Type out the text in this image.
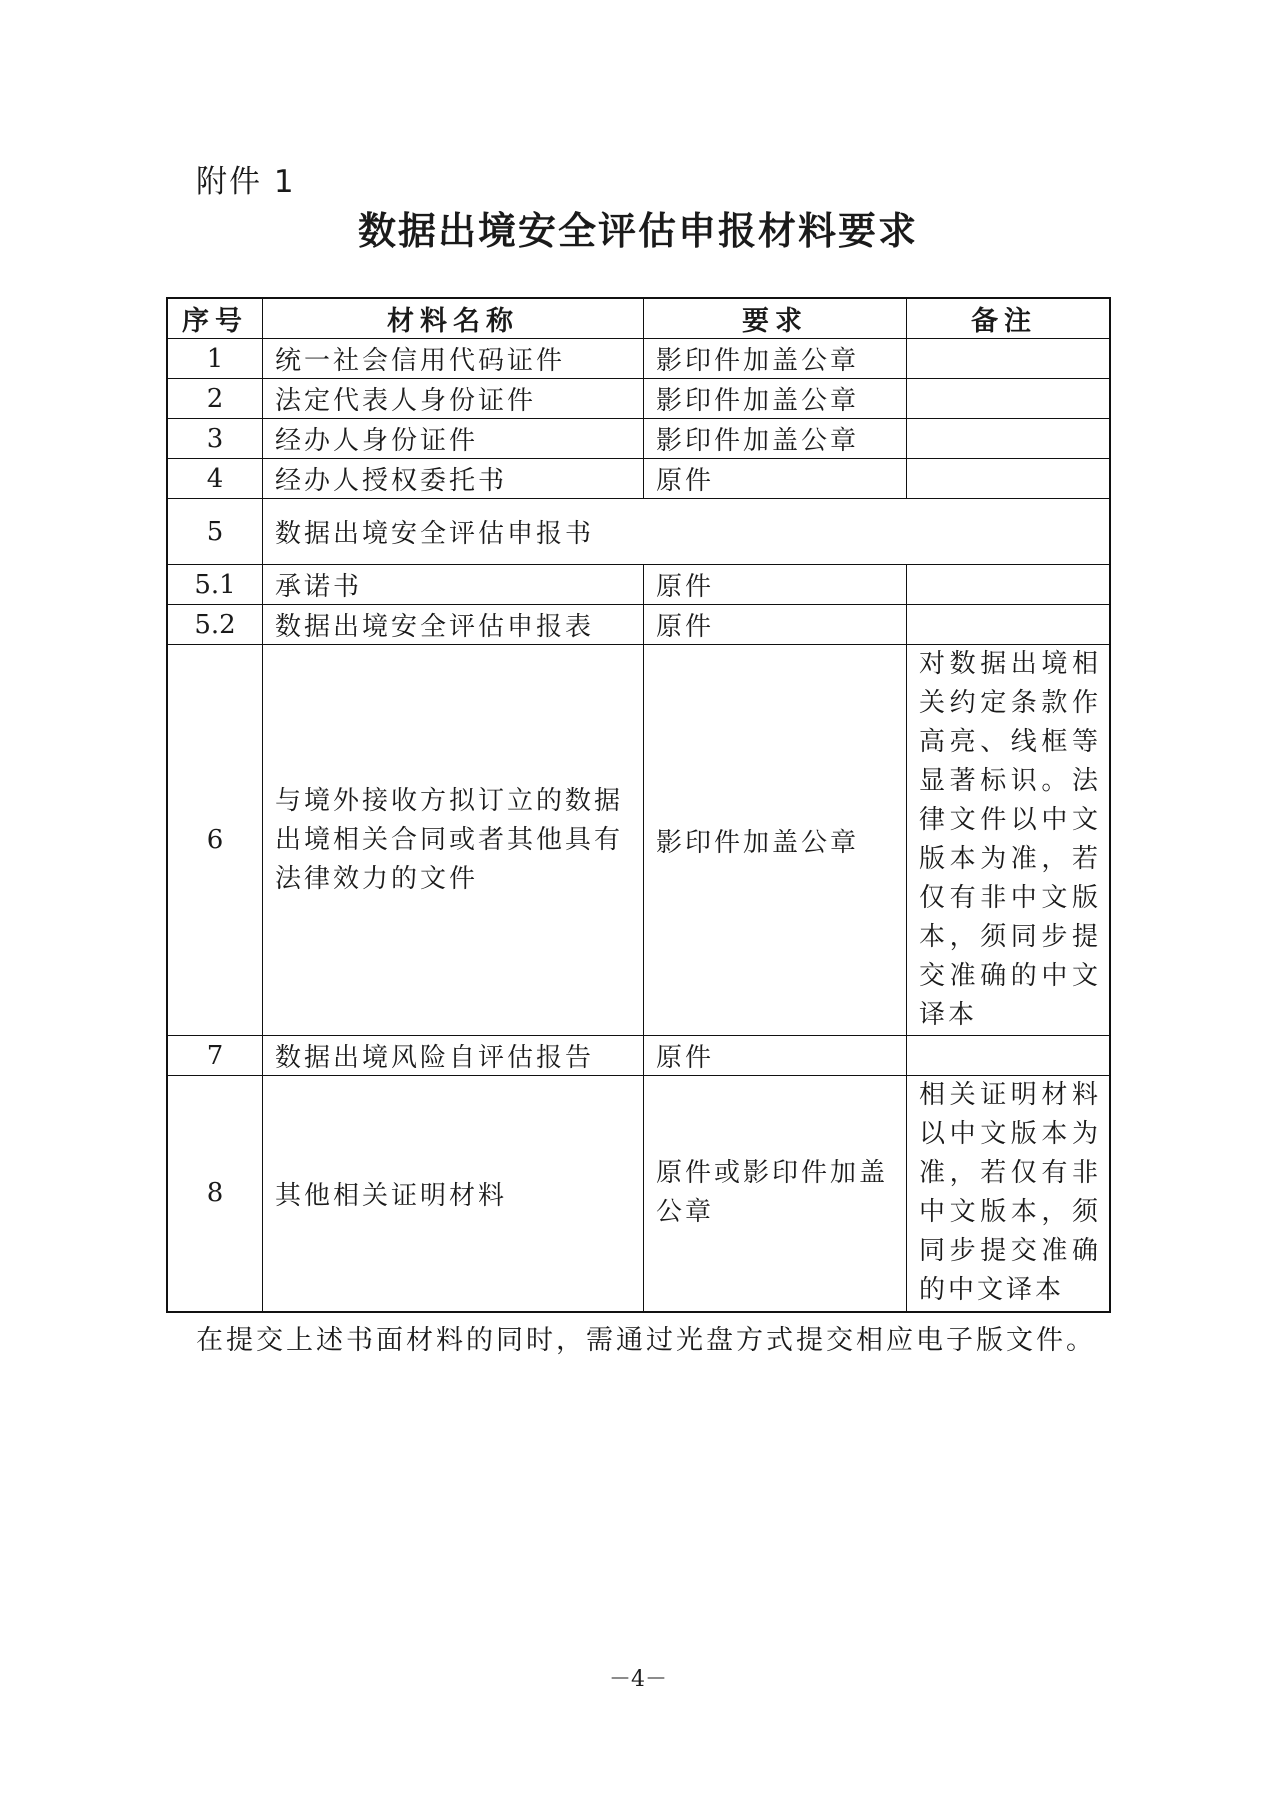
附件 1
数据出境安全评估申报材料要求
序号	材料名称	要求	备注
1	统一社会信用代码证件	影印件加盖公章	
2	法定代表人身份证件	影印件加盖公章	
3	经办人身份证件	影印件加盖公章	
4	经办人授权委托书	原件	
5	数据出境安全评估申报书		
5.1	承诺书	原件	
5.2	数据出境安全评估申报表	原件	
6	与境外接收方拟订立的数据出境相关合同或者其他具有法律效力的文件	影印件加盖公章	对数据出境相关约定条款作高亮、线框等显著标识。法律文件以中文版本为准，若仅有非中文版本，须同步提交准确的中文译本
7	数据出境风险自评估报告	原件	
8	其他相关证明材料	原件或影印件加盖公章	相关证明材料以中文版本为准，若仅有非中文版本，须同步提交准确的中文译本
在提交上述书面材料的同时，需通过光盘方式提交相应电子版文件。
－4－
